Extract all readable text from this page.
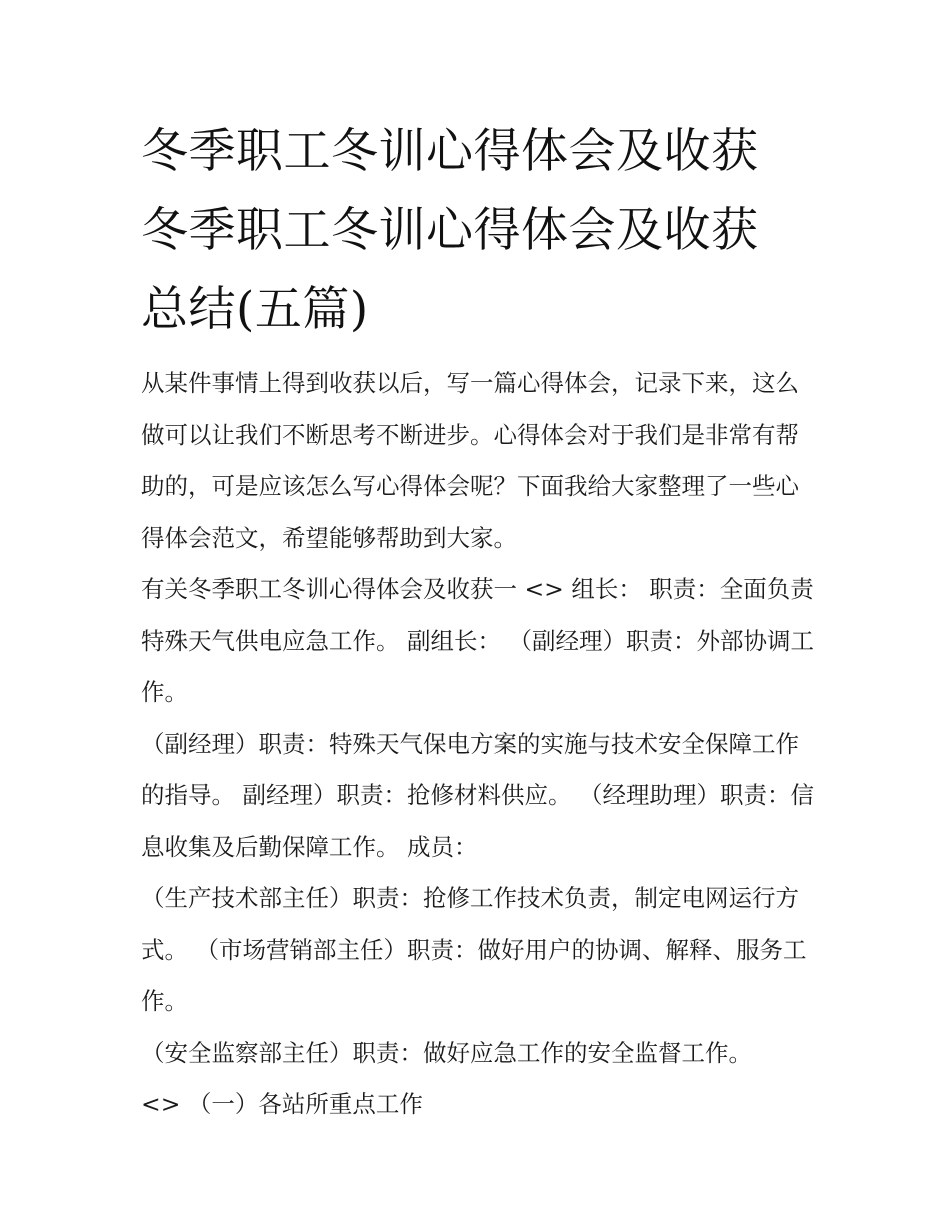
冬季职工冬训心得体会及收获
冬季职工冬训心得体会及收获
总结(五篇)

从某件事情上得到收获以后，写一篇心得体会，记录下来，这么做可以让我们不断思考不断进步。心得体会对于我们是非常有帮助的，可是应该怎么写心得体会呢？下面我给大家整理了一些心得体会范文，希望能够帮助到大家。

有关冬季职工冬训心得体会及收获一 <> 组长： 职责：全面负责特殊天气供电应急工作。 副组长： （副经理）职责：外部协调工作。

（副经理）职责：特殊天气保电方案的实施与技术安全保障工作的指导。 副经理）职责：抢修材料供应。 （经理助理）职责：信息收集及后勤保障工作。 成员：

（生产技术部主任）职责：抢修工作技术负责，制定电网运行方式。 （市场营销部主任）职责：做好用户的协调、解释、服务工作。

（安全监察部主任）职责：做好应急工作的安全监督工作。

<> （一）各站所重点工作
